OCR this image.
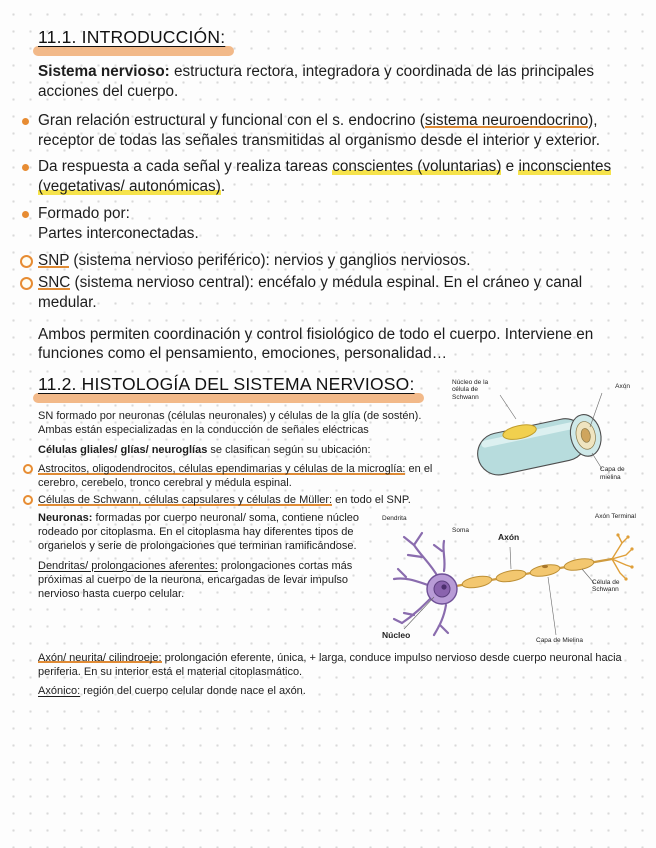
11.1. INTRODUCCIÓN:

Sistema nervioso: estructura rectora, integradora y coordinada de las principales acciones del cuerpo.

Gran relación estructural y funcional con el s. endocrino (sistema neuroendocrino), receptor de todas las señales transmitidas al organismo desde el interior y exterior.
Da respuesta a cada señal y realiza tareas conscientes (voluntarias) e inconscientes (vegetativas/ autonómicas).
Formado por:
Partes interconectadas.
SNP (sistema nervioso periférico): nervios y ganglios nerviosos.
SNC (sistema nervioso central): encéfalo y médula espinal. En el cráneo y canal medular.

Ambos permiten coordinación y control fisiológico de todo el cuerpo. Interviene en funciones como el pensamiento, emociones, personalidad…

11.2. HISTOLOGÍA DEL SISTEMA NERVIOSO:	Núcleo de la célula de Schwann
Axón
Capa de mielina

SN formado por neuronas (células neuronales) y células de la glía (de sostén). Ambas están especializadas en la conducción de señales eléctricas

Células gliales/ glías/ neuroglías se clasifican según su ubicación:

Astrocitos, oligodendrocitos, células ependimarias y células de la microglía: en el cerebro, cerebelo, tronco cerebral y médula espinal.
Células de Schwann, células capsulares y células de Müller: en todo el SNP.
Dendrita
Soma
Núcleo
Axón
Axón Terminal
Célula de Schwann
Capa de Mielina

Neuronas: formadas por cuerpo neuronal/ soma, contiene núcleo rodeado por citoplasma. En el citoplasma hay diferentes tipos de organelos y serie de prolongaciones que terminan ramificándose.

Dendritas/ prolongaciones aferentes: prolongaciones cortas más próximas al cuerpo de la neurona, encargadas de levar impulso nervioso hasta cuerpo celular.

Axón/ neurita/ cilindroeje: prolongación eferente, única, + larga, conduce impulso nervioso desde cuerpo neuronal hacia periferia. En su interior está el material citoplasmático.

Axónico: región del cuerpo celular donde nace el axón.
